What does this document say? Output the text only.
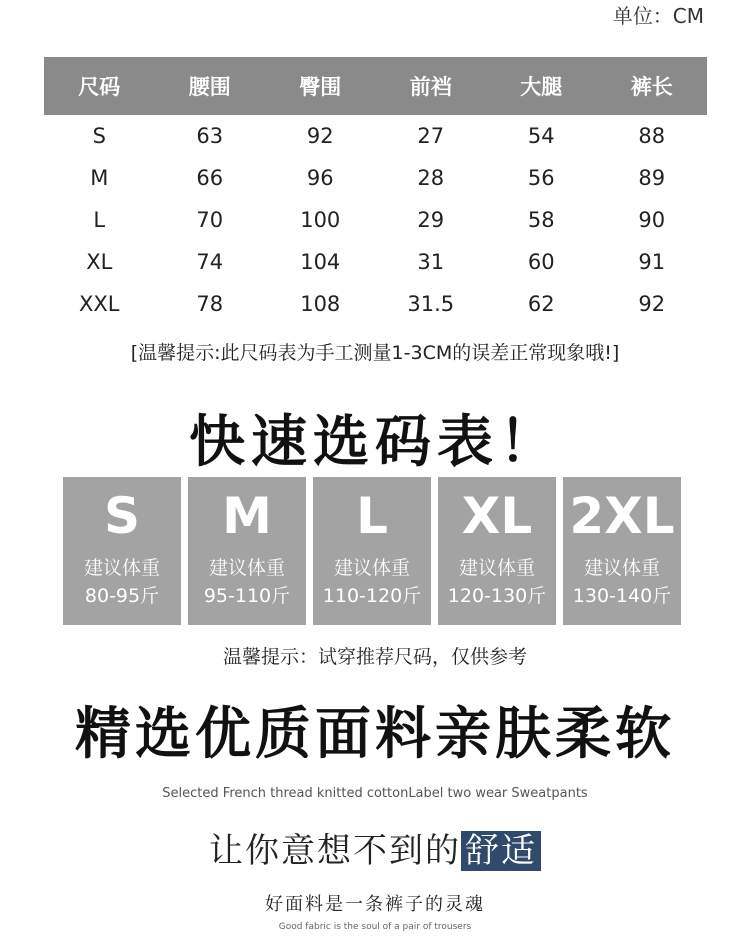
单位：CM
尺码	腰围	臀围	前裆	大腿	裤长
S	63	92	27	54	88
M	66	96	28	56	89
L	70	100	29	58	90
XL	74	104	31	60	91
XXL	78	108	31.5	62	92
[温馨提示:此尺码表为手工测量1-3CM的误差正常现象哦!]
快速选码表！
S
建议体重
80-95斤
M
建议体重
95-110斤
L
建议体重
110-120斤
XL
建议体重
120-130斤
2XL
建议体重
130-140斤
温馨提示：试穿推荐尺码，仅供参考
精选优质面料亲肤柔软
Selected French thread knitted cottonLabel two wear Sweatpants
让你意想不到的 舒适
好面料是一条裤子的灵魂
Good fabric is the soul of a pair of trousers
